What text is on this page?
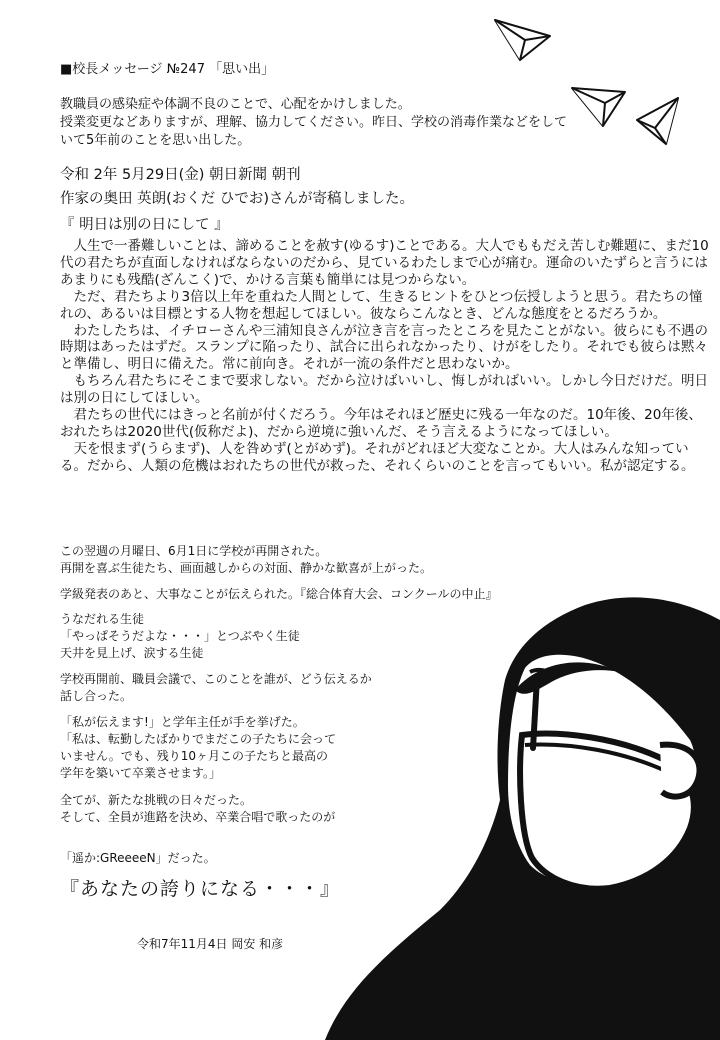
■校長メッセージ №247 「思い出」
教職員の感染症や体調不良のことで、心配をかけしました。
授業変更などありますが、理解、協力してください。昨日、学校の消毒作業などをして
いて5年前のことを思い出した。
令和 2年 5月29日(金) 朝日新聞 朝刊
作家の奥田 英朗(おくだ ひでお)さんが寄稿しました。
『 明日は別の日にして 』

　人生で一番難しいことは、諦めることを赦す(ゆるす)ことである。大人でももだえ苦しむ難題に、まだ10代の君たちが直面しなければならないのだから、見ているわたしまで心が痛む。運命のいたずらと言うにはあまりにも残酷(ざんこく)で、かける言葉も簡単には見つからない。

　ただ、君たちより3倍以上年を重ねた人間として、生きるヒントをひとつ伝授しようと思う。君たちの憧れの、あるいは目標とする人物を想起してほしい。彼ならこんなとき、どんな態度をとるだろうか。

　わたしたちは、イチローさんや三浦知良さんが泣き言を言ったところを見たことがない。彼らにも不遇の時期はあったはずだ。スランプに陥ったり、試合に出られなかったり、けがをしたり。それでも彼らは黙々と準備し、明日に備えた。常に前向き。それが一流の条件だと思わないか。

　もちろん君たちにそこまで要求しない。だから泣けばいいし、悔しがればいい。しかし今日だけだ。明日は別の日にしてほしい。

　君たちの世代にはきっと名前が付くだろう。今年はそれほど歴史に残る一年なのだ。10年後、20年後、おれたちは2020世代(仮称だよ)、だから逆境に強いんだ、そう言えるようになってほしい。

　天を恨まず(うらまず)、人を咎めず(とがめず)。それがどれほど大変なことか。大人はみんな知っている。だから、人類の危機はおれたちの世代が救った、それくらいのことを言ってもいい。私が認定する。

この翌週の月曜日、6月1日に学校が再開された。
再開を喜ぶ生徒たち、画面越しからの対面、静かな歓喜が上がった。
学級発表のあと、大事なことが伝えられた。『総合体育大会、コンクールの中止』
うなだれる生徒
「やっぱそうだよな・・・」とつぶやく生徒
天井を見上げ、涙する生徒
学校再開前、職員会議で、このことを誰が、どう伝えるか
話し合った。
「私が伝えます!」と学年主任が手を挙げた。
「私は、転勤したばかりでまだこの子たちに会って
いません。でも、残り10ヶ月この子たちと最高の
学年を築いて卒業させます。」
全てが、新たな挑戦の日々だった。
そして、全員が進路を決め、卒業合唱で歌ったのが
「遥か:GReeeeN」だった。
『あなたの誇りになる・・・』
令和7年11月4日 岡安 和彦
